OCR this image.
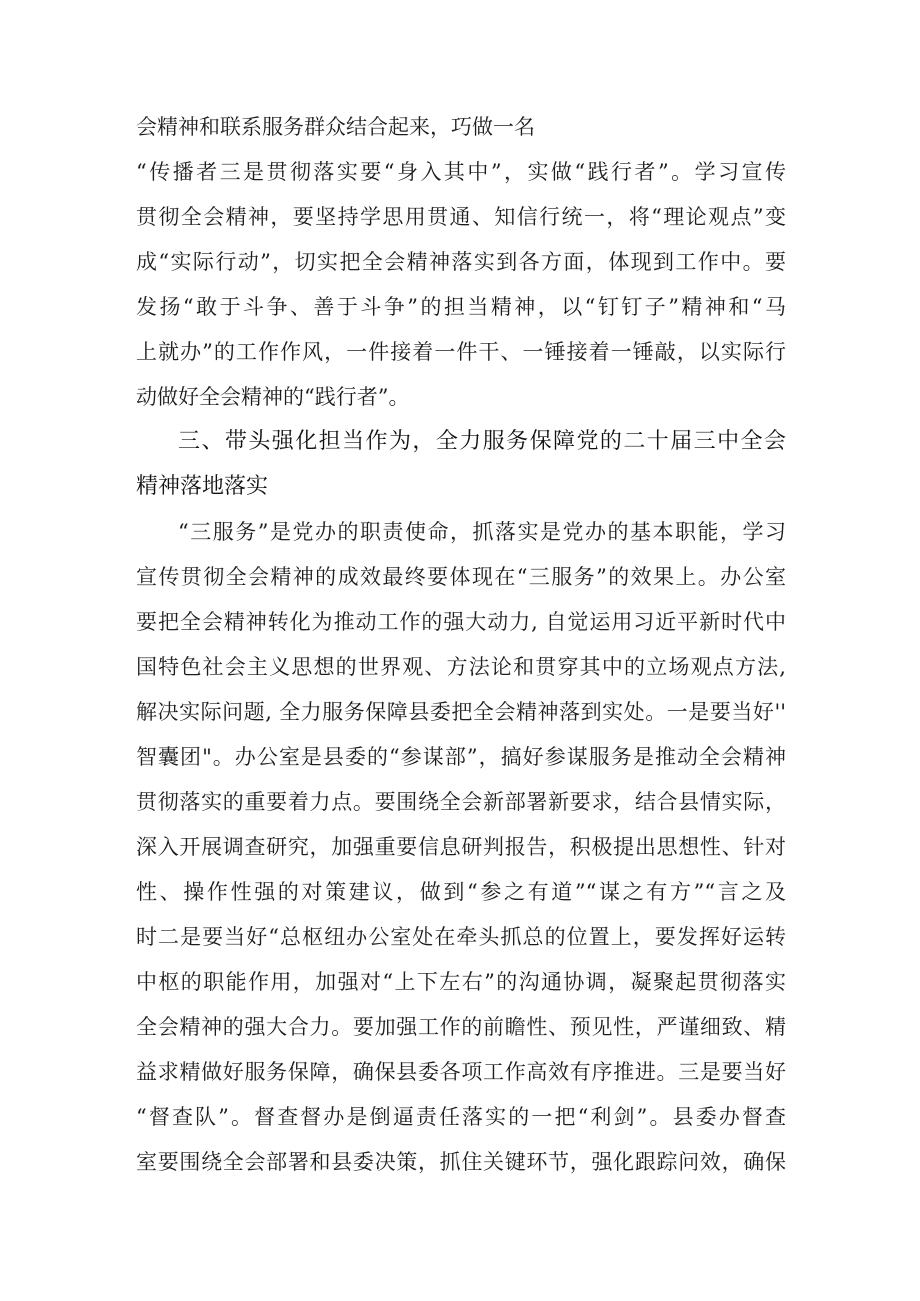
会精神和联系服务群众结合起来，巧做一名
“传播者三是贯彻落实要“身入其中”，实做“践行者”。学习宣传
贯彻全会精神，要坚持学思用贯通、知信行统一，将“理论观点”变
成“实际行动”，切实把全会精神落实到各方面，体现到工作中。要
发扬“敢于斗争、善于斗争”的担当精神，以“钉钉子”精神和“马
上就办”的工作作风，一件接着一件干、一锤接着一锤敲，以实际行
动做好全会精神的“践行者”。
三、带头强化担当作为，全力服务保障党的二十届三中全会
精神落地落实
“三服务”是党办的职责使命，抓落实是党办的基本职能，学习
宣传贯彻全会精神的成效最终要体现在“三服务”的效果上。办公室
要把全会精神转化为推动工作的强大动力, 自觉运用习近平新时代中
国特色社会主义思想的世界观、方法论和贯穿其中的立场观点方法,
解决实际问题, 全力服务保障县委把全会精神落到实处。一是要当好''
智囊团"。办公室是县委的“参谋部”，搞好参谋服务是推动全会精神
贯彻落实的重要着力点。要围绕全会新部署新要求，结合县情实际，
深入开展调查研究，加强重要信息研判报告，积极提出思想性、针对
性、操作性强的对策建议，做到“参之有道”“谋之有方”“言之及
时二是要当好“总枢纽办公室处在牵头抓总的位置上，要发挥好运转
中枢的职能作用，加强对“上下左右”的沟通协调，凝聚起贯彻落实
全会精神的强大合力。要加强工作的前瞻性、预见性，严谨细致、精
益求精做好服务保障，确保县委各项工作高效有序推进。三是要当好
“督查队”。督查督办是倒逼责任落实的一把“利剑”。县委办督查
室要围绕全会部署和县委决策，抓住关键环节，强化跟踪问效，确保
